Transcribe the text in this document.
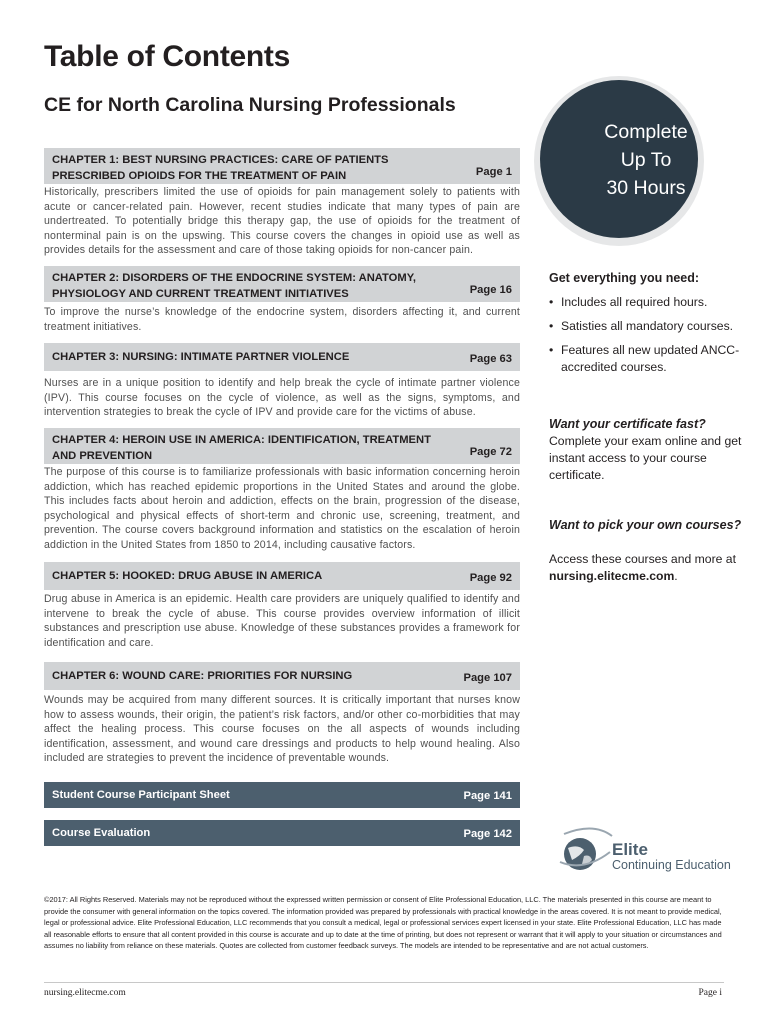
Table of Contents
CE for North Carolina Nursing Professionals
CHAPTER 1: BEST NURSING PRACTICES: CARE OF PATIENTS PRESCRIBED OPIOIDS FOR THE TREATMENT OF PAIN	Page 1
Historically, prescribers limited the use of opioids for pain management solely to patients with acute or cancer-related pain. However, recent studies indicate that many types of pain are undertreated. To potentially bridge this therapy gap, the use of opioids for the treatment of nonterminal pain is on the upswing. This course covers the changes in opioid use as well as provides details for the assessment and care of those taking opioids for non-cancer pain.
CHAPTER 2: DISORDERS OF THE ENDOCRINE SYSTEM: ANATOMY, PHYSIOLOGY AND CURRENT TREATMENT INITIATIVES	Page 16
To improve the nurse’s knowledge of the endocrine system, disorders affecting it, and current treatment initiatives.
CHAPTER 3: NURSING: INTIMATE PARTNER VIOLENCE	Page 63
Nurses are in a unique position to identify and help break the cycle of intimate partner violence (IPV). This course focuses on the cycle of violence, as well as the signs, symptoms, and intervention strategies to break the cycle of IPV and provide care for the victims of abuse.
CHAPTER 4: HEROIN USE IN AMERICA: IDENTIFICATION, TREATMENT AND PREVENTION	Page 72
The purpose of this course is to familiarize professionals with basic information concerning heroin addiction, which has reached epidemic proportions in the United States and around the globe. This includes facts about heroin and addiction, effects on the brain, progression of the disease, psychological and physical effects of short-term and chronic use, screening, treatment, and prevention. The course covers background information and statistics on the escalation of heroin addiction in the United States from 1850 to 2014, including causative factors.
CHAPTER 5: HOOKED: DRUG ABUSE IN AMERICA	Page 92
Drug abuse in America is an epidemic. Health care providers are uniquely qualified to identify and intervene to break the cycle of abuse. This course provides overview information of illicit substances and prescription use abuse. Knowledge of these substances provides a framework for identification and care.
CHAPTER 6: WOUND CARE: PRIORITIES FOR NURSING	Page 107
Wounds may be acquired from many different sources. It is critically important that nurses know how to assess wounds, their origin, the patient’s risk factors, and/or other co-morbidities that may affect the healing process. This course focuses on the all aspects of wounds including identification, assessment, and wound care dressings and products to help wound healing. Also included are strategies to prevent the incidence of preventable wounds.
Student Course Participant Sheet	Page 141
Course Evaluation	Page 142
Complete
Up To
30 Hours
Get everything you need:
• Includes all required hours.
• Satisties all mandatory courses.
• Features all new updated ANCC-accredited courses.
Want your certificate fast?
Complete your exam online and get instant access to your course certificate.
Want to pick your own courses?
Access these courses and more at
nursing.elitecme.com.
Elite
Continuing Education
©2017: All Rights Reserved. Materials may not be reproduced without the expressed written permission or consent of Elite Professional Education, LLC. The materials presented in this course are meant to provide the consumer with general information on the topics covered. The information provided was prepared by professionals with practical knowledge in the areas covered. It is not meant to provide medical, legal or professional advice. Elite Professional Education, LLC recommends that you consult a medical, legal or professional services expert licensed in your state. Elite Professional Education, LLC has made all reasonable efforts to ensure that all content provided in this course is accurate and up to date at the time of printing, but does not represent or warrant that it will apply to your situation or circumstances and assumes no liability from reliance on these materials. Quotes are collected from customer feedback surveys. The models are intended to be representative and are not actual customers.
nursing.elitecme.com	Page i
